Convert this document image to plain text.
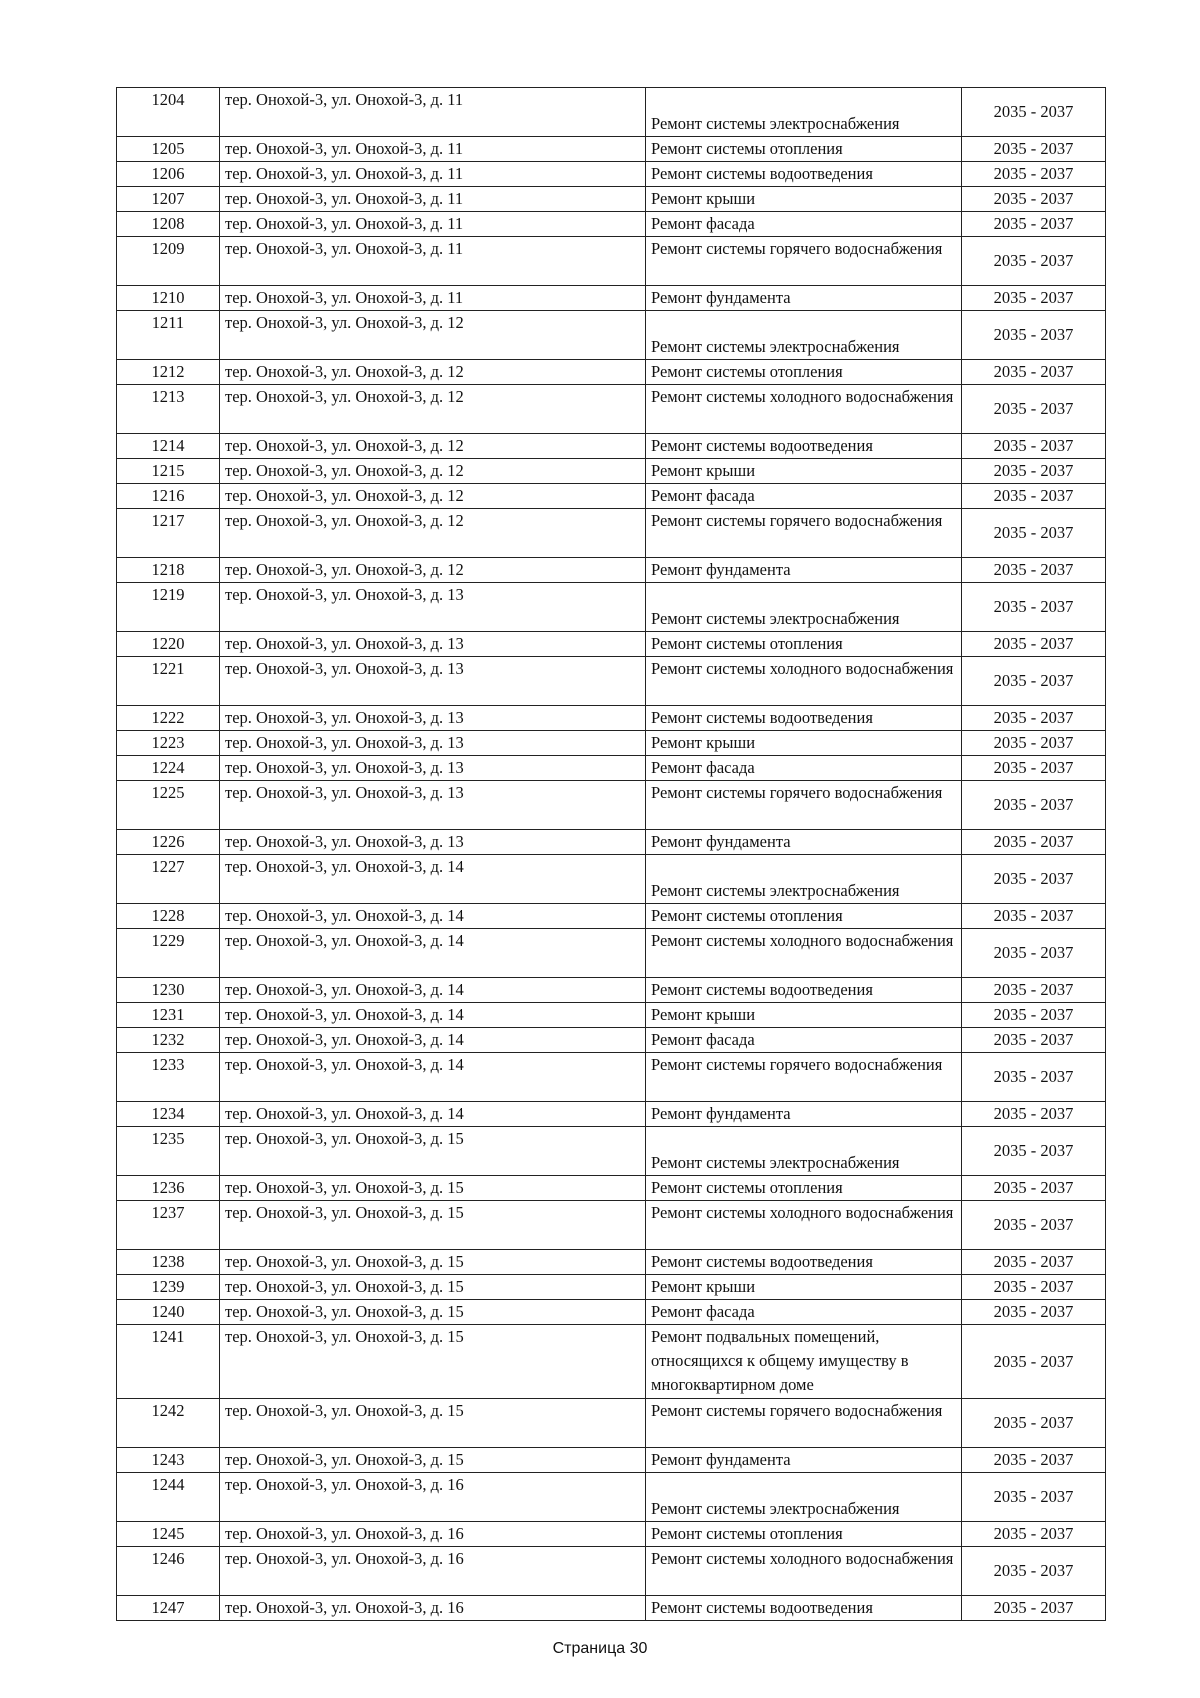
1204	тер. Онохой-3, ул. Онохой-3, д. 11	Ремонт системы электроснабжения	2035 - 2037
1205	тер. Онохой-3, ул. Онохой-3, д. 11	Ремонт системы отопления	2035 - 2037
1206	тер. Онохой-3, ул. Онохой-3, д. 11	Ремонт системы водоотведения	2035 - 2037
1207	тер. Онохой-3, ул. Онохой-3, д. 11	Ремонт крыши	2035 - 2037
1208	тер. Онохой-3, ул. Онохой-3, д. 11	Ремонт фасада	2035 - 2037
1209	тер. Онохой-3, ул. Онохой-3, д. 11	Ремонт системы горячего водоснабжения	2035 - 2037
1210	тер. Онохой-3, ул. Онохой-3, д. 11	Ремонт фундамента	2035 - 2037
1211	тер. Онохой-3, ул. Онохой-3, д. 12	Ремонт системы электроснабжения	2035 - 2037
1212	тер. Онохой-3, ул. Онохой-3, д. 12	Ремонт системы отопления	2035 - 2037
1213	тер. Онохой-3, ул. Онохой-3, д. 12	Ремонт системы холодного водоснабжения	2035 - 2037
1214	тер. Онохой-3, ул. Онохой-3, д. 12	Ремонт системы водоотведения	2035 - 2037
1215	тер. Онохой-3, ул. Онохой-3, д. 12	Ремонт крыши	2035 - 2037
1216	тер. Онохой-3, ул. Онохой-3, д. 12	Ремонт фасада	2035 - 2037
1217	тер. Онохой-3, ул. Онохой-3, д. 12	Ремонт системы горячего водоснабжения	2035 - 2037
1218	тер. Онохой-3, ул. Онохой-3, д. 12	Ремонт фундамента	2035 - 2037
1219	тер. Онохой-3, ул. Онохой-3, д. 13	Ремонт системы электроснабжения	2035 - 2037
1220	тер. Онохой-3, ул. Онохой-3, д. 13	Ремонт системы отопления	2035 - 2037
1221	тер. Онохой-3, ул. Онохой-3, д. 13	Ремонт системы холодного водоснабжения	2035 - 2037
1222	тер. Онохой-3, ул. Онохой-3, д. 13	Ремонт системы водоотведения	2035 - 2037
1223	тер. Онохой-3, ул. Онохой-3, д. 13	Ремонт крыши	2035 - 2037
1224	тер. Онохой-3, ул. Онохой-3, д. 13	Ремонт фасада	2035 - 2037
1225	тер. Онохой-3, ул. Онохой-3, д. 13	Ремонт системы горячего водоснабжения	2035 - 2037
1226	тер. Онохой-3, ул. Онохой-3, д. 13	Ремонт фундамента	2035 - 2037
1227	тер. Онохой-3, ул. Онохой-3, д. 14	Ремонт системы электроснабжения	2035 - 2037
1228	тер. Онохой-3, ул. Онохой-3, д. 14	Ремонт системы отопления	2035 - 2037
1229	тер. Онохой-3, ул. Онохой-3, д. 14	Ремонт системы холодного водоснабжения	2035 - 2037
1230	тер. Онохой-3, ул. Онохой-3, д. 14	Ремонт системы водоотведения	2035 - 2037
1231	тер. Онохой-3, ул. Онохой-3, д. 14	Ремонт крыши	2035 - 2037
1232	тер. Онохой-3, ул. Онохой-3, д. 14	Ремонт фасада	2035 - 2037
1233	тер. Онохой-3, ул. Онохой-3, д. 14	Ремонт системы горячего водоснабжения	2035 - 2037
1234	тер. Онохой-3, ул. Онохой-3, д. 14	Ремонт фундамента	2035 - 2037
1235	тер. Онохой-3, ул. Онохой-3, д. 15	Ремонт системы электроснабжения	2035 - 2037
1236	тер. Онохой-3, ул. Онохой-3, д. 15	Ремонт системы отопления	2035 - 2037
1237	тер. Онохой-3, ул. Онохой-3, д. 15	Ремонт системы холодного водоснабжения	2035 - 2037
1238	тер. Онохой-3, ул. Онохой-3, д. 15	Ремонт системы водоотведения	2035 - 2037
1239	тер. Онохой-3, ул. Онохой-3, д. 15	Ремонт крыши	2035 - 2037
1240	тер. Онохой-3, ул. Онохой-3, д. 15	Ремонт фасада	2035 - 2037
1241	тер. Онохой-3, ул. Онохой-3, д. 15	Ремонт подвальных помещений, относящихся к общему имуществу в многоквартирном доме	2035 - 2037
1242	тер. Онохой-3, ул. Онохой-3, д. 15	Ремонт системы горячего водоснабжения	2035 - 2037
1243	тер. Онохой-3, ул. Онохой-3, д. 15	Ремонт фундамента	2035 - 2037
1244	тер. Онохой-3, ул. Онохой-3, д. 16	Ремонт системы электроснабжения	2035 - 2037
1245	тер. Онохой-3, ул. Онохой-3, д. 16	Ремонт системы отопления	2035 - 2037
1246	тер. Онохой-3, ул. Онохой-3, д. 16	Ремонт системы холодного водоснабжения	2035 - 2037
1247	тер. Онохой-3, ул. Онохой-3, д. 16	Ремонт системы водоотведения	2035 - 2037
Страница 30
